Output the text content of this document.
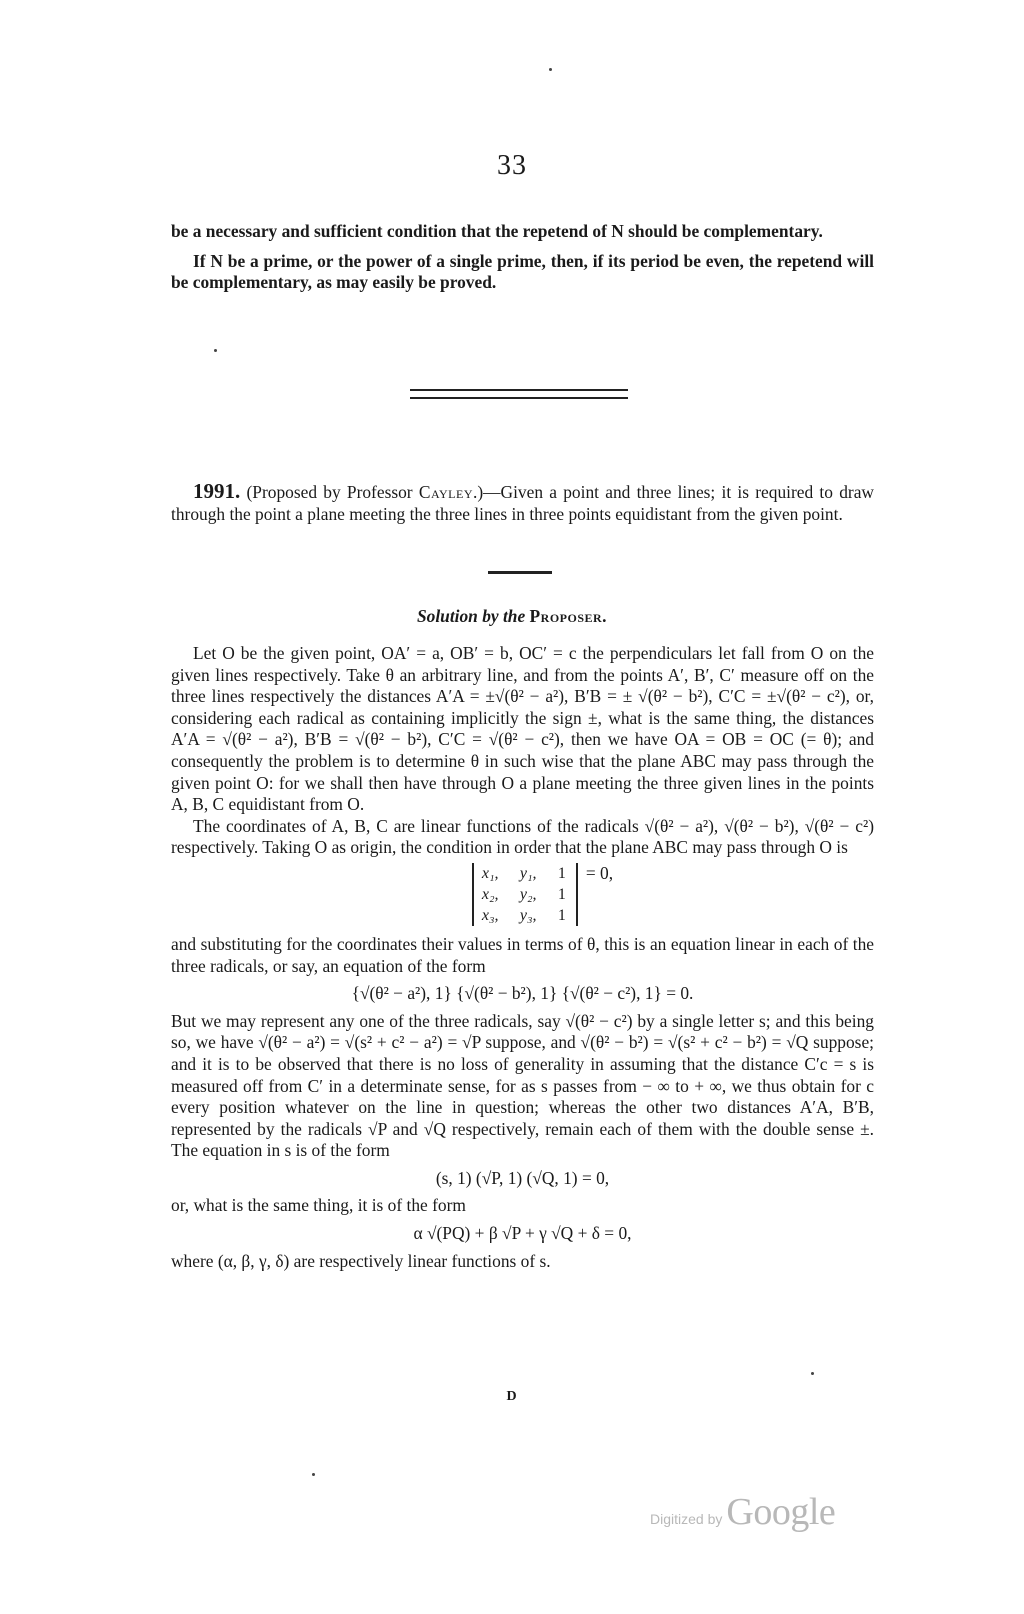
33

be a necessary and sufficient condition that the repetend of N should be complementary.

If N be a prime, or the power of a single prime, then, if its period be even, the repetend will be complementary, as may easily be proved.

1991. (Proposed by Professor Cayley.)—Given a point and three lines; it is required to draw through the point a plane meeting the three lines in three points equidistant from the given point.

Solution by the Proposer.

Let O be the given point, OA′ = a, OB′ = b, OC′ = c the perpendiculars let fall from O on the given lines respectively. Take θ an arbitrary line, and from the points A′, B′, C′ measure off on the three lines respectively the distances A′A = ±√(θ² − a²), B′B = ± √(θ² − b²), C′C = ±√(θ² − c²), or, considering each radical as containing implicitly the sign ±, what is the same thing, the distances A′A = √(θ² − a²), B′B = √(θ² − b²), C′C = √(θ² − c²), then we have OA = OB = OC (= θ); and consequently the problem is to determine θ in such wise that the plane ABC may pass through the given point O: for we shall then have through O a plane meeting the three given lines in the points A, B, C equidistant from O.

The coordinates of A, B, C are linear functions of the radicals √(θ² − a²), √(θ² − b²), √(θ² − c²) respectively. Taking O as origin, the condition in order that the plane ABC may pass through O is

x₁,	y₁,	1
x₂,	y₂,	1
x₃,	y₃,	1
= 0,

and substituting for the coordinates their values in terms of θ, this is an equation linear in each of the three radicals, or say, an equation of the form

{√(θ² − a²), 1} {√(θ² − b²), 1} {√(θ² − c²), 1} = 0.

But we may represent any one of the three radicals, say √(θ² − c²) by a single letter s; and this being so, we have √(θ² − a²) = √(s² + c² − a²) = √P suppose, and √(θ² − b²) = √(s² + c² − b²) = √Q suppose; and it is to be observed that there is no loss of generality in assuming that the distance C′c = s is measured off from C′ in a determinate sense, for as s passes from − ∞ to + ∞, we thus obtain for c every position whatever on the line in question; whereas the other two distances A′A, B′B, represented by the radicals √P and √Q respectively, remain each of them with the double sense ±. The equation in s is of the form

(s, 1) (√P, 1) (√Q, 1) = 0,

or, what is the same thing, it is of the form

α √(PQ) + β √P + γ √Q + δ = 0,

where (α, β, γ, δ) are respectively linear functions of s.

D
Digitized by Google
